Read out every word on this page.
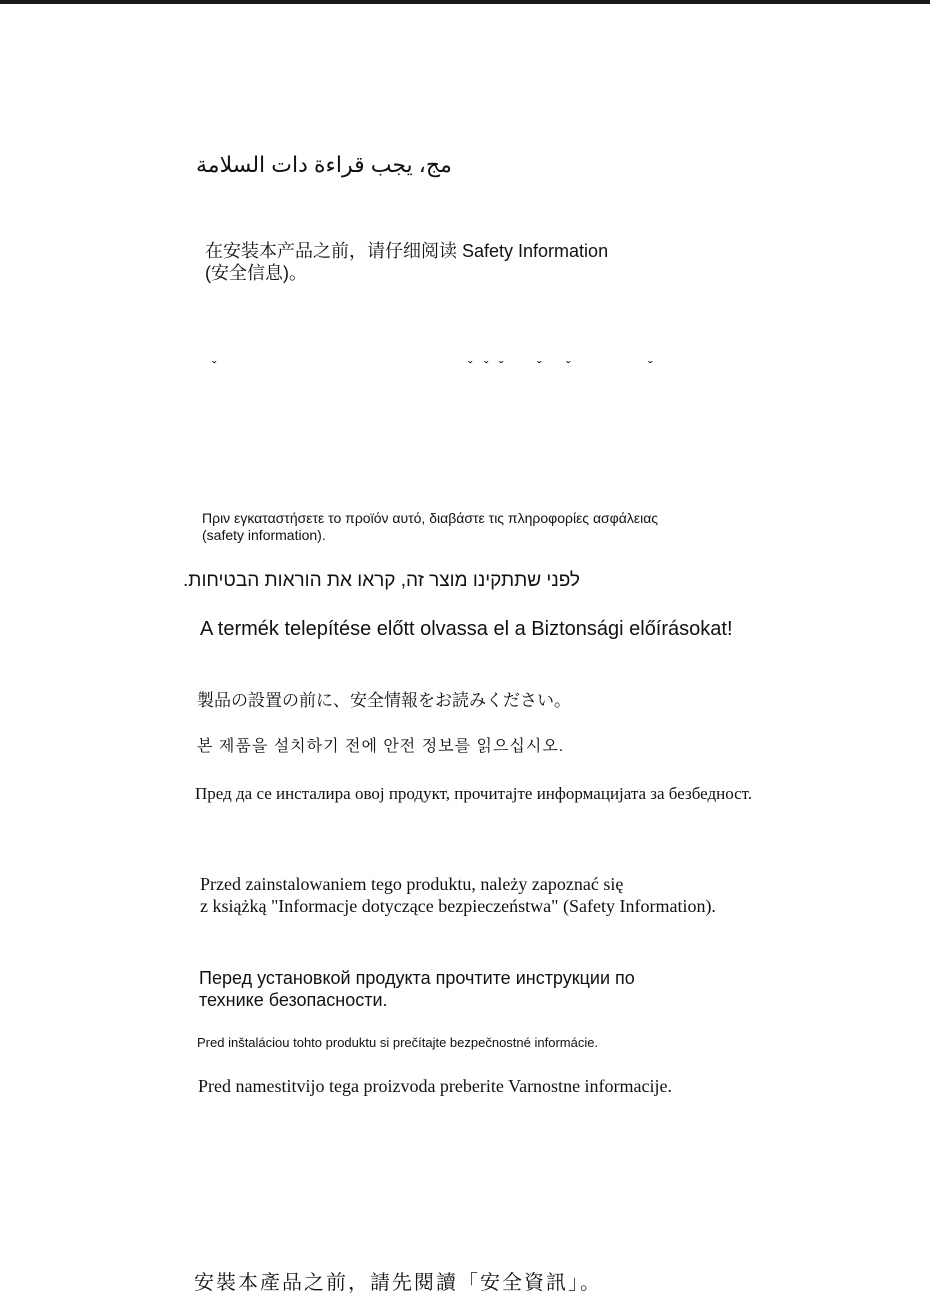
مج، يجب قراءة دات السلامة
在安装本产品之前，请仔细阅读 Safety Information
(安全信息)。
ˇ	ˇ ˇ ˇ ˇ ˇ	ˇ
Πριν εγκαταστήσετε το προϊόν αυτό, διαβάστε τις πληροφορίες ασφάλειας
(safety information).
לפני שתתקינו מוצר זה, קראו את הוראות הבטיחות.
A termék telepítése előtt olvassa el a Biztonsági előírásokat!
製品の設置の前に、安全情報をお読みください。
본 제품을 설치하기 전에 안전 정보를 읽으십시오.
Пред да се инсталира овој продукт, прочитајте информацијата за безбедност.
Przed zainstalowaniem tego produktu, należy zapoznać się
z książką "Informacje dotyczące bezpieczeństwa" (Safety Information).
Перед установкой продукта прочтите инструкции по
технике безопасности.
Pred inštaláciou tohto produktu si prečítajte bezpečnostné informácie.
Pred namestitvijo tega proizvoda preberite Varnostne informacije.
安裝本產品之前，請先閱讀「安全資訊」。
